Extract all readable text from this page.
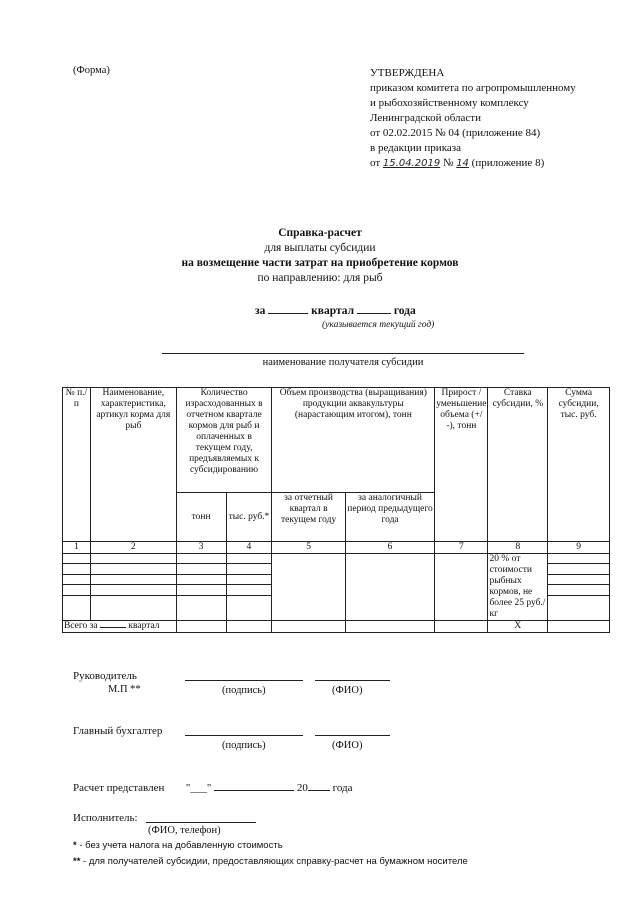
(Форма)	УТВЕРЖДЕНА
приказом комитета по агропромышленному
и рыбохозяйственному комплексу
Ленинградской области
от 02.02.2015 № 04 (приложение 84)
в редакции приказа
от 15.04.2019 № 14 (приложение 8)
Справка-расчет
для выплаты субсидии
на возмещение части затрат на приобретение кормов
по направлению: для рыб
за	квартал	года
(указывается текущий год)
наименование получателя субсидии
№ п./п	Наименование, характеристика, артикул корма для рыб	Количество израсходованных в отчетном квартале кормов для рыб и оплаченных в текущем году, предъявляемых к субсидированию		Объем производства (выращивания) продукции аквакультуры (нарастающим итогом), тонн		Прирост /уменьшение объема (+/ -), тонн	Ставка субсидии, %	Сумма субсидии, тыс. руб.
		тонн	тыс. руб.*	за отчетный квартал в текущем году	за аналогичный период предыдущего года			

1	2	3	4	5	6	7	8	9
							20 % от стоимости рыбных кормов, не более 25 руб./кг	

Всего за квартал							X	
Руководитель
М.П **	(подпись)	(ФИО)
Главный бухгалтер
(подпись)	(ФИО)
Расчет представлен "___"	20 года
Исполнитель:
(ФИО, телефон)
* - без учета налога на добавленную стоимость
** - для получателей субсидии, предоставляющих справку-расчет на бумажном носителе
